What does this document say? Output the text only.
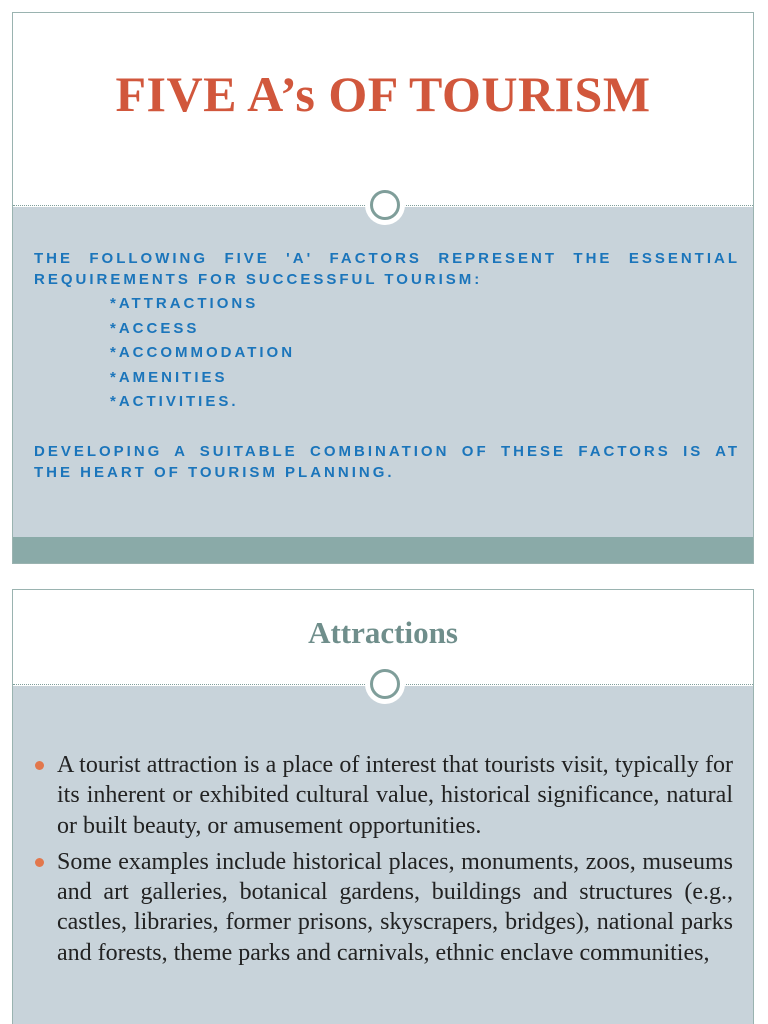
FIVE A’s OF TOURISM
THE FOLLOWING FIVE 'A' FACTORS REPRESENT THE ESSENTIAL REQUIREMENTS FOR SUCCESSFUL TOURISM:
*ATTRACTIONS
*ACCESS
*ACCOMMODATION
*AMENITIES
*ACTIVITIES.
DEVELOPING A SUITABLE COMBINATION OF THESE FACTORS IS AT THE HEART OF TOURISM PLANNING.
Attractions
A tourist attraction is a place of interest that tourists visit, typically for its inherent or exhibited cultural value, historical significance, natural or built beauty, or amusement opportunities.
Some examples include historical places, monuments, zoos, museums and art galleries, botanical gardens, buildings and structures (e.g., castles, libraries, former prisons, skyscrapers, bridges), national parks and forests, theme parks and carnivals, ethnic enclave communities,
